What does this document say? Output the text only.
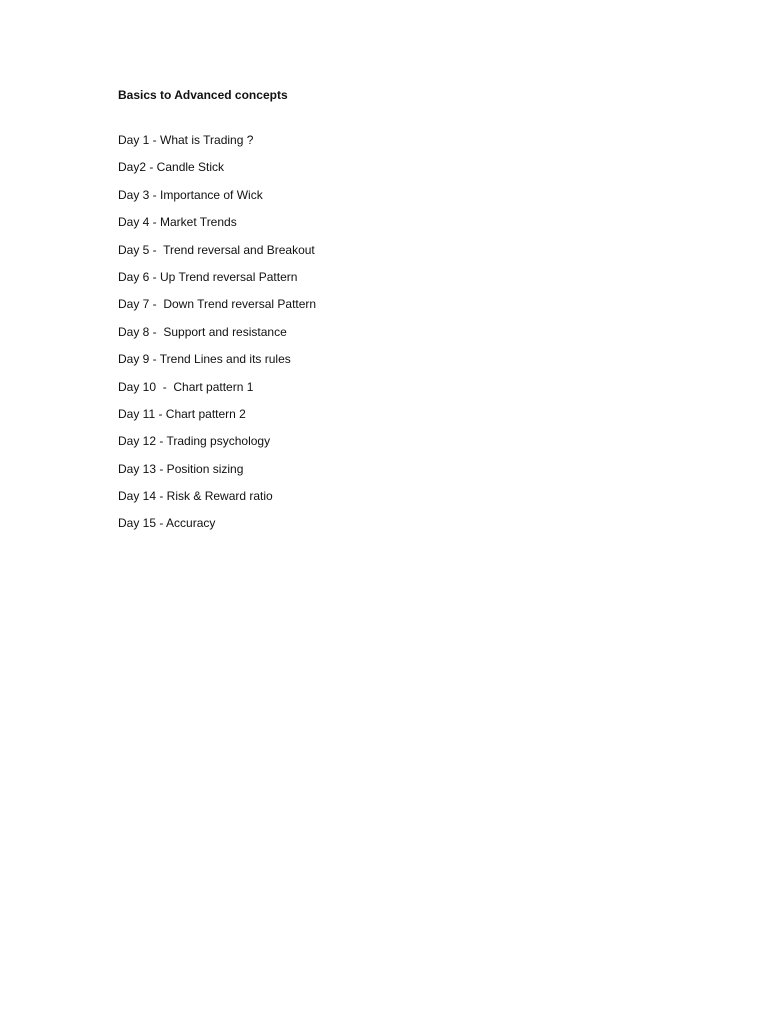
Basics to Advanced concepts
Day 1 - What is Trading ?
Day2 - Candle Stick
Day 3 - Importance of Wick
Day 4 - Market Trends
Day 5 -  Trend reversal and Breakout
Day 6 - Up Trend reversal Pattern
Day 7 -  Down Trend reversal Pattern
Day 8 -  Support and resistance
Day 9 - Trend Lines and its rules
Day 10  -  Chart pattern 1
Day 11 - Chart pattern 2
Day 12 - Trading psychology
Day 13 - Position sizing
Day 14 - Risk & Reward ratio
Day 15 - Accuracy
